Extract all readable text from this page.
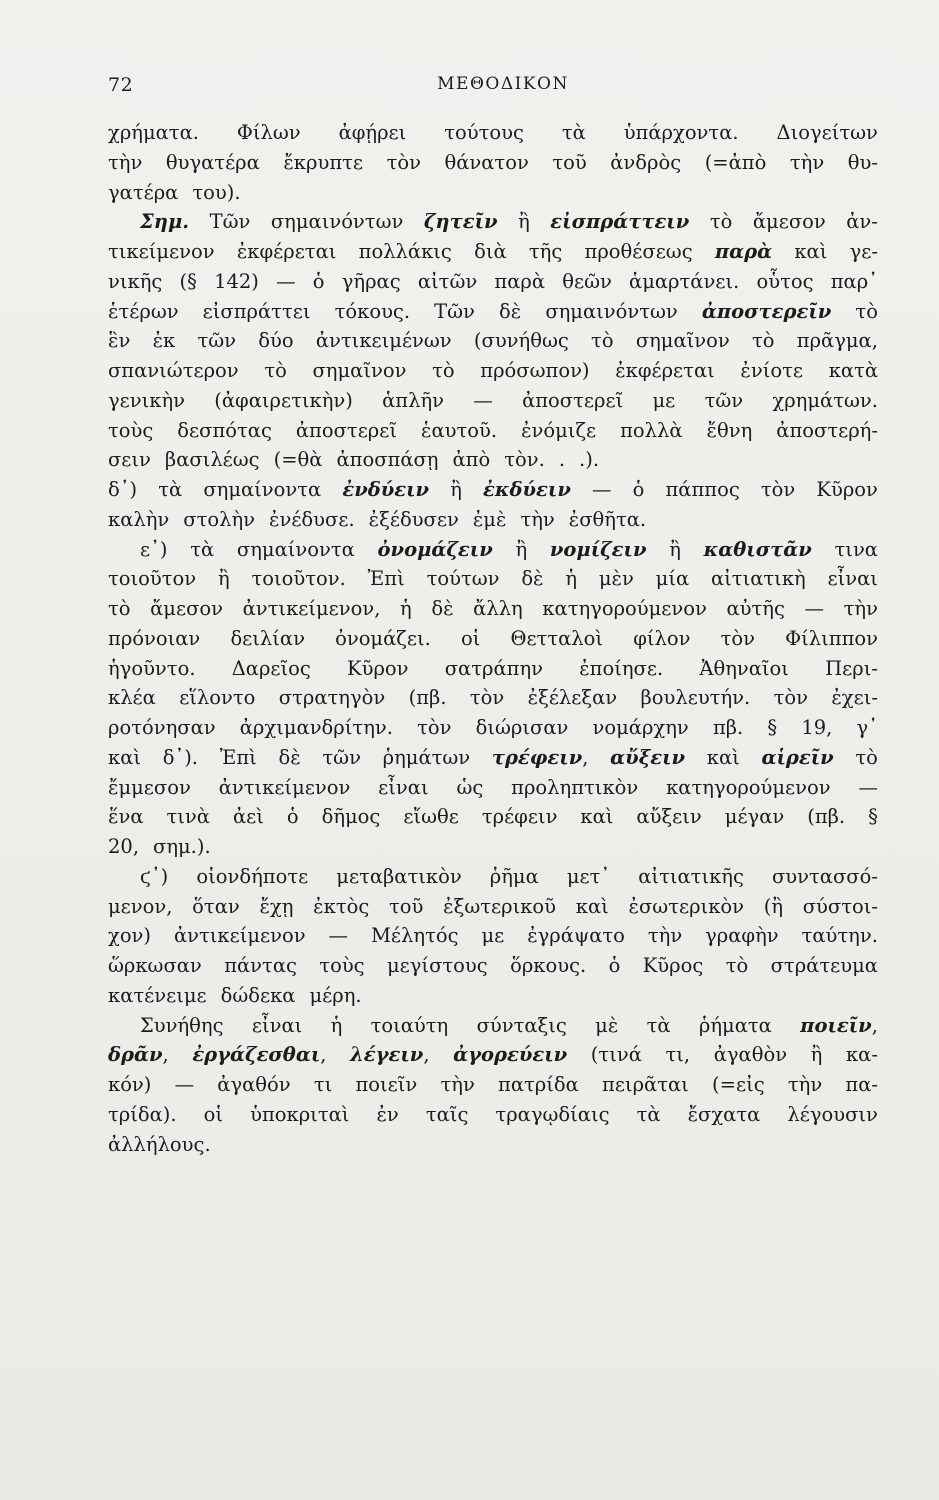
72	ΜΕΘΟΔΙΚΟΝ
χρήματα. Φίλων ἀφῄρει τούτους τὰ ὑπάρχοντα. Διογείτων
τὴν θυγατέρα ἔκρυπτε τὸν θάνατον τοῦ ἀνδρὸς (=ἀπὸ τὴν θυ-
γατέρα του).
Σημ. Τῶν σημαινόντων ζητεῖν ἢ εἰσπράττειν τὸ ἄμεσον ἀν-
τικείμενον ἐκφέρεται πολλάκις διὰ τῆς προθέσεως παρὰ καὶ γε-
νικῆς (§ 142) — ὁ γῆρας αἰτῶν παρὰ θεῶν ἁμαρτάνει. οὗτος παρ᾽
ἑτέρων εἰσπράττει τόκους. Τῶν δὲ σημαινόντων ἀποστερεῖν τὸ
ἓν ἐκ τῶν δύο ἀντικειμένων (συνήθως τὸ σημαῖνον τὸ πρᾶγμα,
σπανιώτερον τὸ σημαῖνον τὸ πρόσωπον) ἐκφέρεται ἐνίοτε κατὰ
γενικὴν (ἀφαιρετικὴν) ἁπλῆν — ἀποστερεῖ με τῶν χρημάτων.
τοὺς δεσπότας ἀποστερεῖ ἑαυτοῦ. ἐνόμιζε πολλὰ ἔθνη ἀποστερή-
σειν βασιλέως (=θὰ ἀποσπάσῃ ἀπὸ τὸν. . .).
δ᾽) τὰ σημαίνοντα ἐνδύειν ἢ ἐκδύειν — ὁ πάππος τὸν Κῦρον
καλὴν στολὴν ἐνέδυσε. ἐξέδυσεν ἐμὲ τὴν ἐσθῆτα.
ε᾽) τὰ σημαίνοντα ὀνομάζειν ἢ νομίζειν ἢ καθιστᾶν τινα
τοιοῦτον ἢ τοιοῦτον. Ἐπὶ τούτων δὲ ἡ μὲν μία αἰτιατικὴ εἶναι
τὸ ἄμεσον ἀντικείμενον, ἡ δὲ ἄλλη κατηγορούμενον αὐτῆς — τὴν
πρόνοιαν δειλίαν ὀνομάζει. οἱ Θετταλοὶ φίλον τὸν Φίλιππον
ἡγοῦντο. Δαρεῖος Κῦρον σατράπην ἐποίησε. Ἀθηναῖοι Περι-
κλέα εἵλοντο στρατηγὸν (πβ. τὸν ἐξέλεξαν βουλευτήν. τὸν ἐχει-
ροτόνησαν ἀρχιμανδρίτην. τὸν διώρισαν νομάρχην πβ. § 19, γ᾽
καὶ δ᾽). Ἐπὶ δὲ τῶν ῥημάτων τρέφειν, αὔξειν καὶ αἱρεῖν τὸ
ἔμμεσον ἀντικείμενον εἶναι ὡς προληπτικὸν κατηγορούμενον —
ἕνα τινὰ ἀεὶ ὁ δῆμος εἴωθε τρέφειν καὶ αὔξειν μέγαν (πβ. §
20, σημ.).
ϛ᾽) οἱονδήποτε μεταβατικὸν ῥῆμα μετ᾽ αἰτιατικῆς συντασσό-
μενον, ὅταν ἔχῃ ἐκτὸς τοῦ ἐξωτερικοῦ καὶ ἐσωτερικὸν (ἢ σύστοι-
χον) ἀντικείμενον — Μέλητός με ἐγράψατο τὴν γραφὴν ταύτην.
ὥρκωσαν πάντας τοὺς μεγίστους ὅρκους. ὁ Κῦρος τὸ στράτευμα
κατένειμε δώδεκα μέρη.
Συνήθης εἶναι ἡ τοιαύτη σύνταξις μὲ τὰ ῥήματα ποιεῖν,
δρᾶν, ἐργάζεσθαι, λέγειν, ἀγορεύειν (τινά τι, ἀγαθὸν ἢ κα-
κόν) — ἀγαθόν τι ποιεῖν τὴν πατρίδα πειρᾶται (=εἰς τὴν πα-
τρίδα). οἱ ὑποκριταὶ ἐν ταῖς τραγῳδίαις τὰ ἔσχατα λέγουσιν
ἀλλήλους.
